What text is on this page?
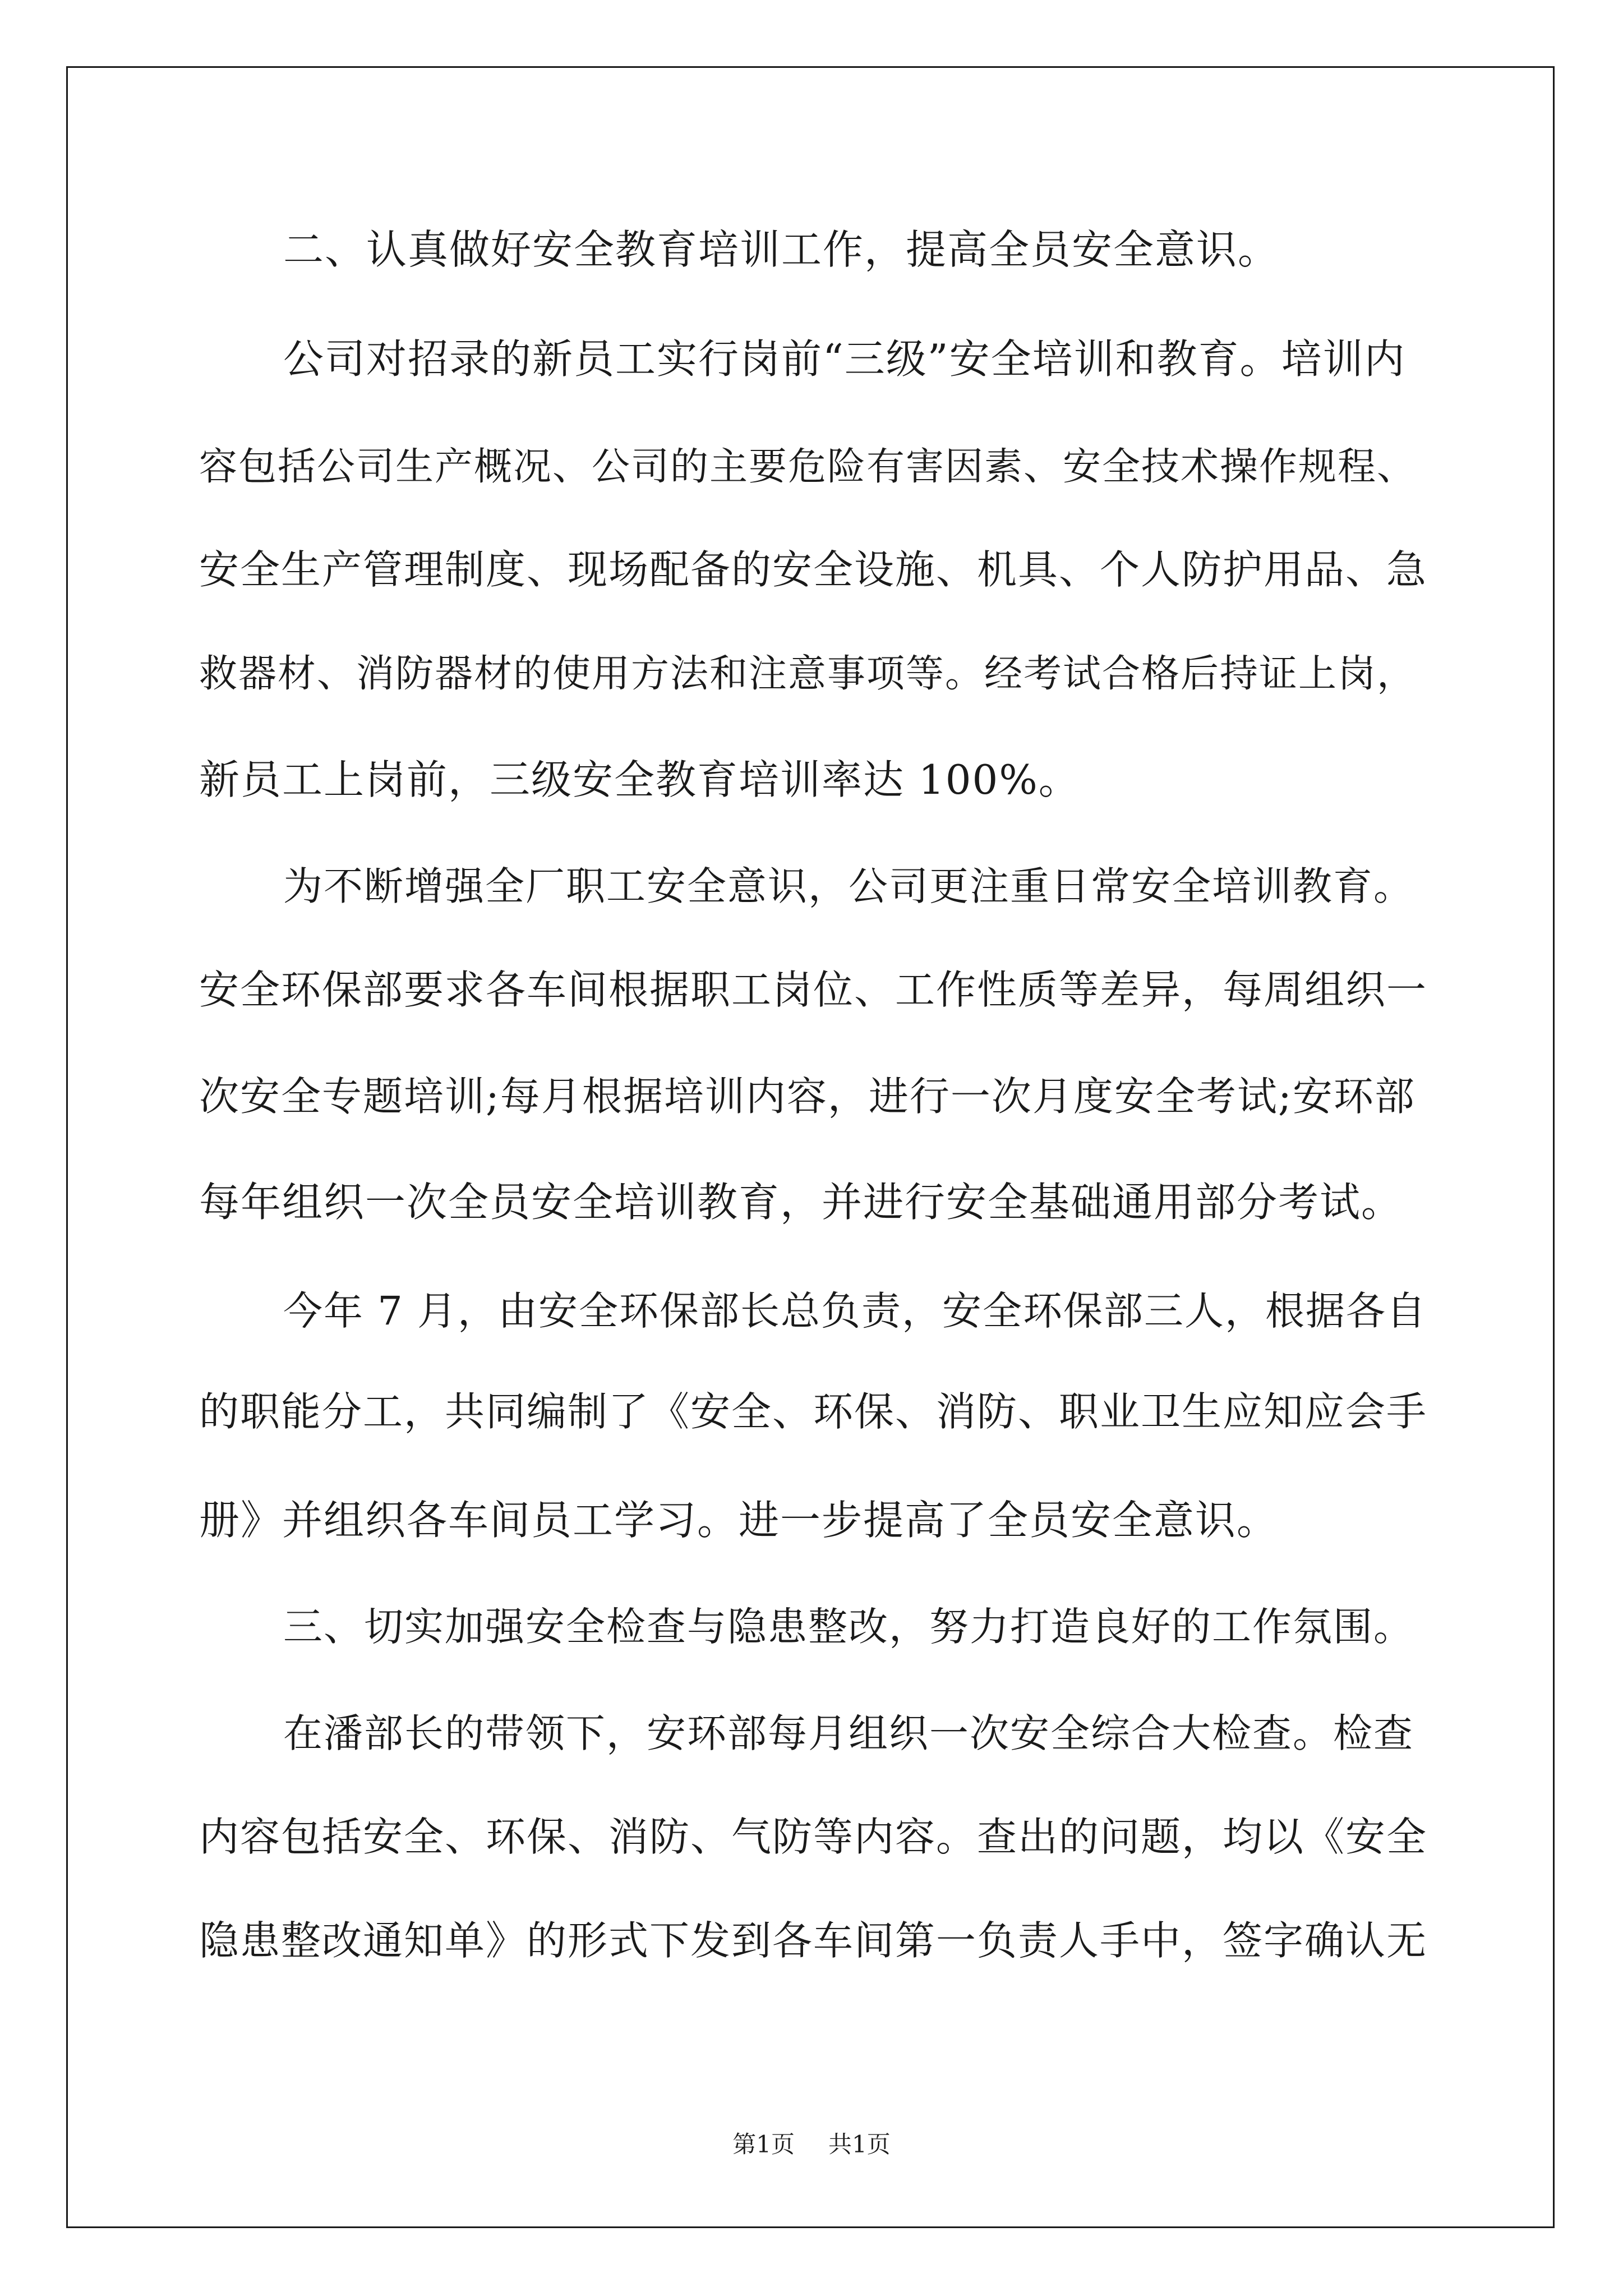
二、认真做好安全教育培训工作，提高全员安全意识。
公司对招录的新员工实行岗前“三级”安全培训和教育。培训内
容包括公司生产概况、公司的主要危险有害因素、安全技术操作规程、
安全生产管理制度、现场配备的安全设施、机具、个人防护用品、急
救器材、消防器材的使用方法和注意事项等。经考试合格后持证上岗，
新员工上岗前，三级安全教育培训率达 100%。
为不断增强全厂职工安全意识，公司更注重日常安全培训教育。
安全环保部要求各车间根据职工岗位、工作性质等差异，每周组织一
次安全专题培训;每月根据培训内容，进行一次月度安全考试;安环部
每年组织一次全员安全培训教育，并进行安全基础通用部分考试。
今年 7 月，由安全环保部长总负责，安全环保部三人，根据各自
的职能分工，共同编制了《安全、环保、消防、职业卫生应知应会手
册》并组织各车间员工学习。进一步提高了全员安全意识。
三、切实加强安全检查与隐患整改，努力打造良好的工作氛围。
在潘部长的带领下，安环部每月组织一次安全综合大检查。检查
内容包括安全、环保、消防、气防等内容。查出的问题，均以《安全
隐患整改通知单》的形式下发到各车间第一负责人手中，签字确认无
第1页 共1页
